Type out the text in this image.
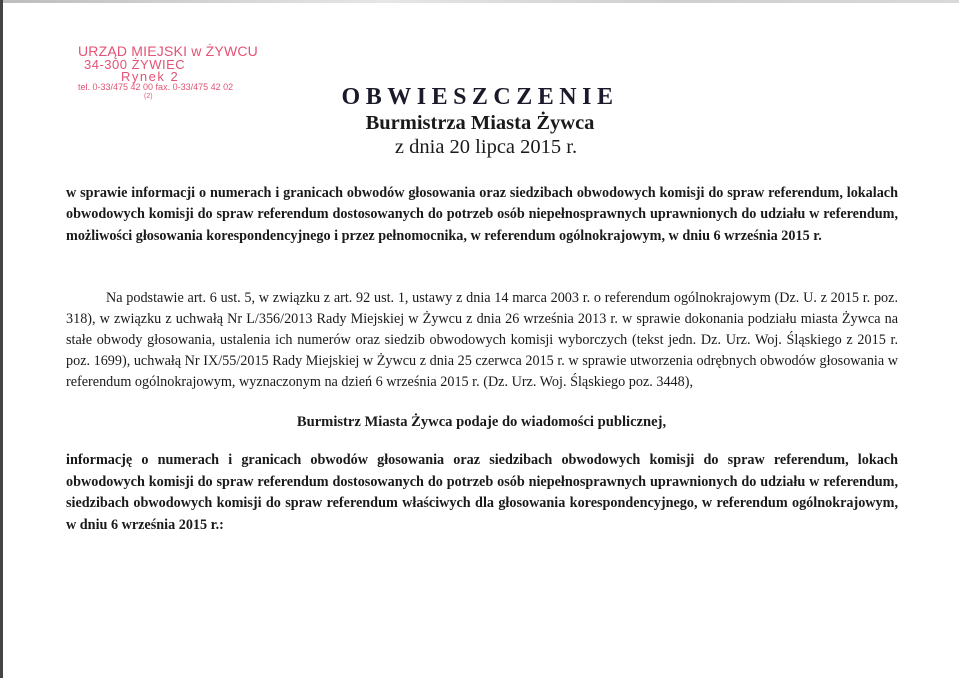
URZĄD MIEJSKI w ŻYWCU
34-300 ŻYWIEC
Rynek 2
tel. 0-33/475 42 00 fax. 0-33/475 42 02
(2)	OBWIESZCZENIE

Burmistrza Miasta Żywca

z dnia 20 lipca 2015 r.

w sprawie informacji o numerach i granicach obwodów głosowania oraz siedzibach obwodowych komisji do spraw referendum, lokalach obwodowych komisji do spraw referendum dostosowanych do potrzeb osób niepełnosprawnych uprawnionych do udziału w referendum, możliwości głosowania korespondencyjnego i przez pełnomocnika, w referendum ogólnokrajowym, w dniu 6 września 2015 r.

Na podstawie art. 6 ust. 5, w związku z art. 92 ust. 1, ustawy z dnia 14 marca 2003 r. o referendum ogólnokrajowym (Dz. U. z 2015 r. poz. 318), w związku z uchwałą Nr L/356/2013 Rady Miejskiej w Żywcu z dnia 26 września 2013 r. w sprawie dokonania podziału miasta Żywca na stałe obwody głosowania, ustalenia ich numerów oraz siedzib obwodowych komisji wyborczych (tekst jedn. Dz. Urz. Woj. Śląskiego z 2015 r. poz. 1699), uchwałą Nr IX/55/2015 Rady Miejskiej w Żywcu z dnia 25 czerwca 2015 r. w sprawie utworzenia odrębnych obwodów głosowania w referendum ogólnokrajowym, wyznaczonym na dzień 6 września 2015 r. (Dz. Urz. Woj. Śląskiego poz. 3448),

Burmistrz Miasta Żywca podaje do wiadomości publicznej,

informację o numerach i granicach obwodów głosowania oraz siedzibach obwodowych komisji do spraw referendum, lokach obwodowych komisji do spraw referendum dostosowanych do potrzeb osób niepełnosprawnych uprawnionych do udziału w referendum, siedzibach obwodowych komisji do spraw referendum właściwych dla głosowania korespondencyjnego, w referendum ogólnokrajowym, w dniu 6 września 2015 r.:
